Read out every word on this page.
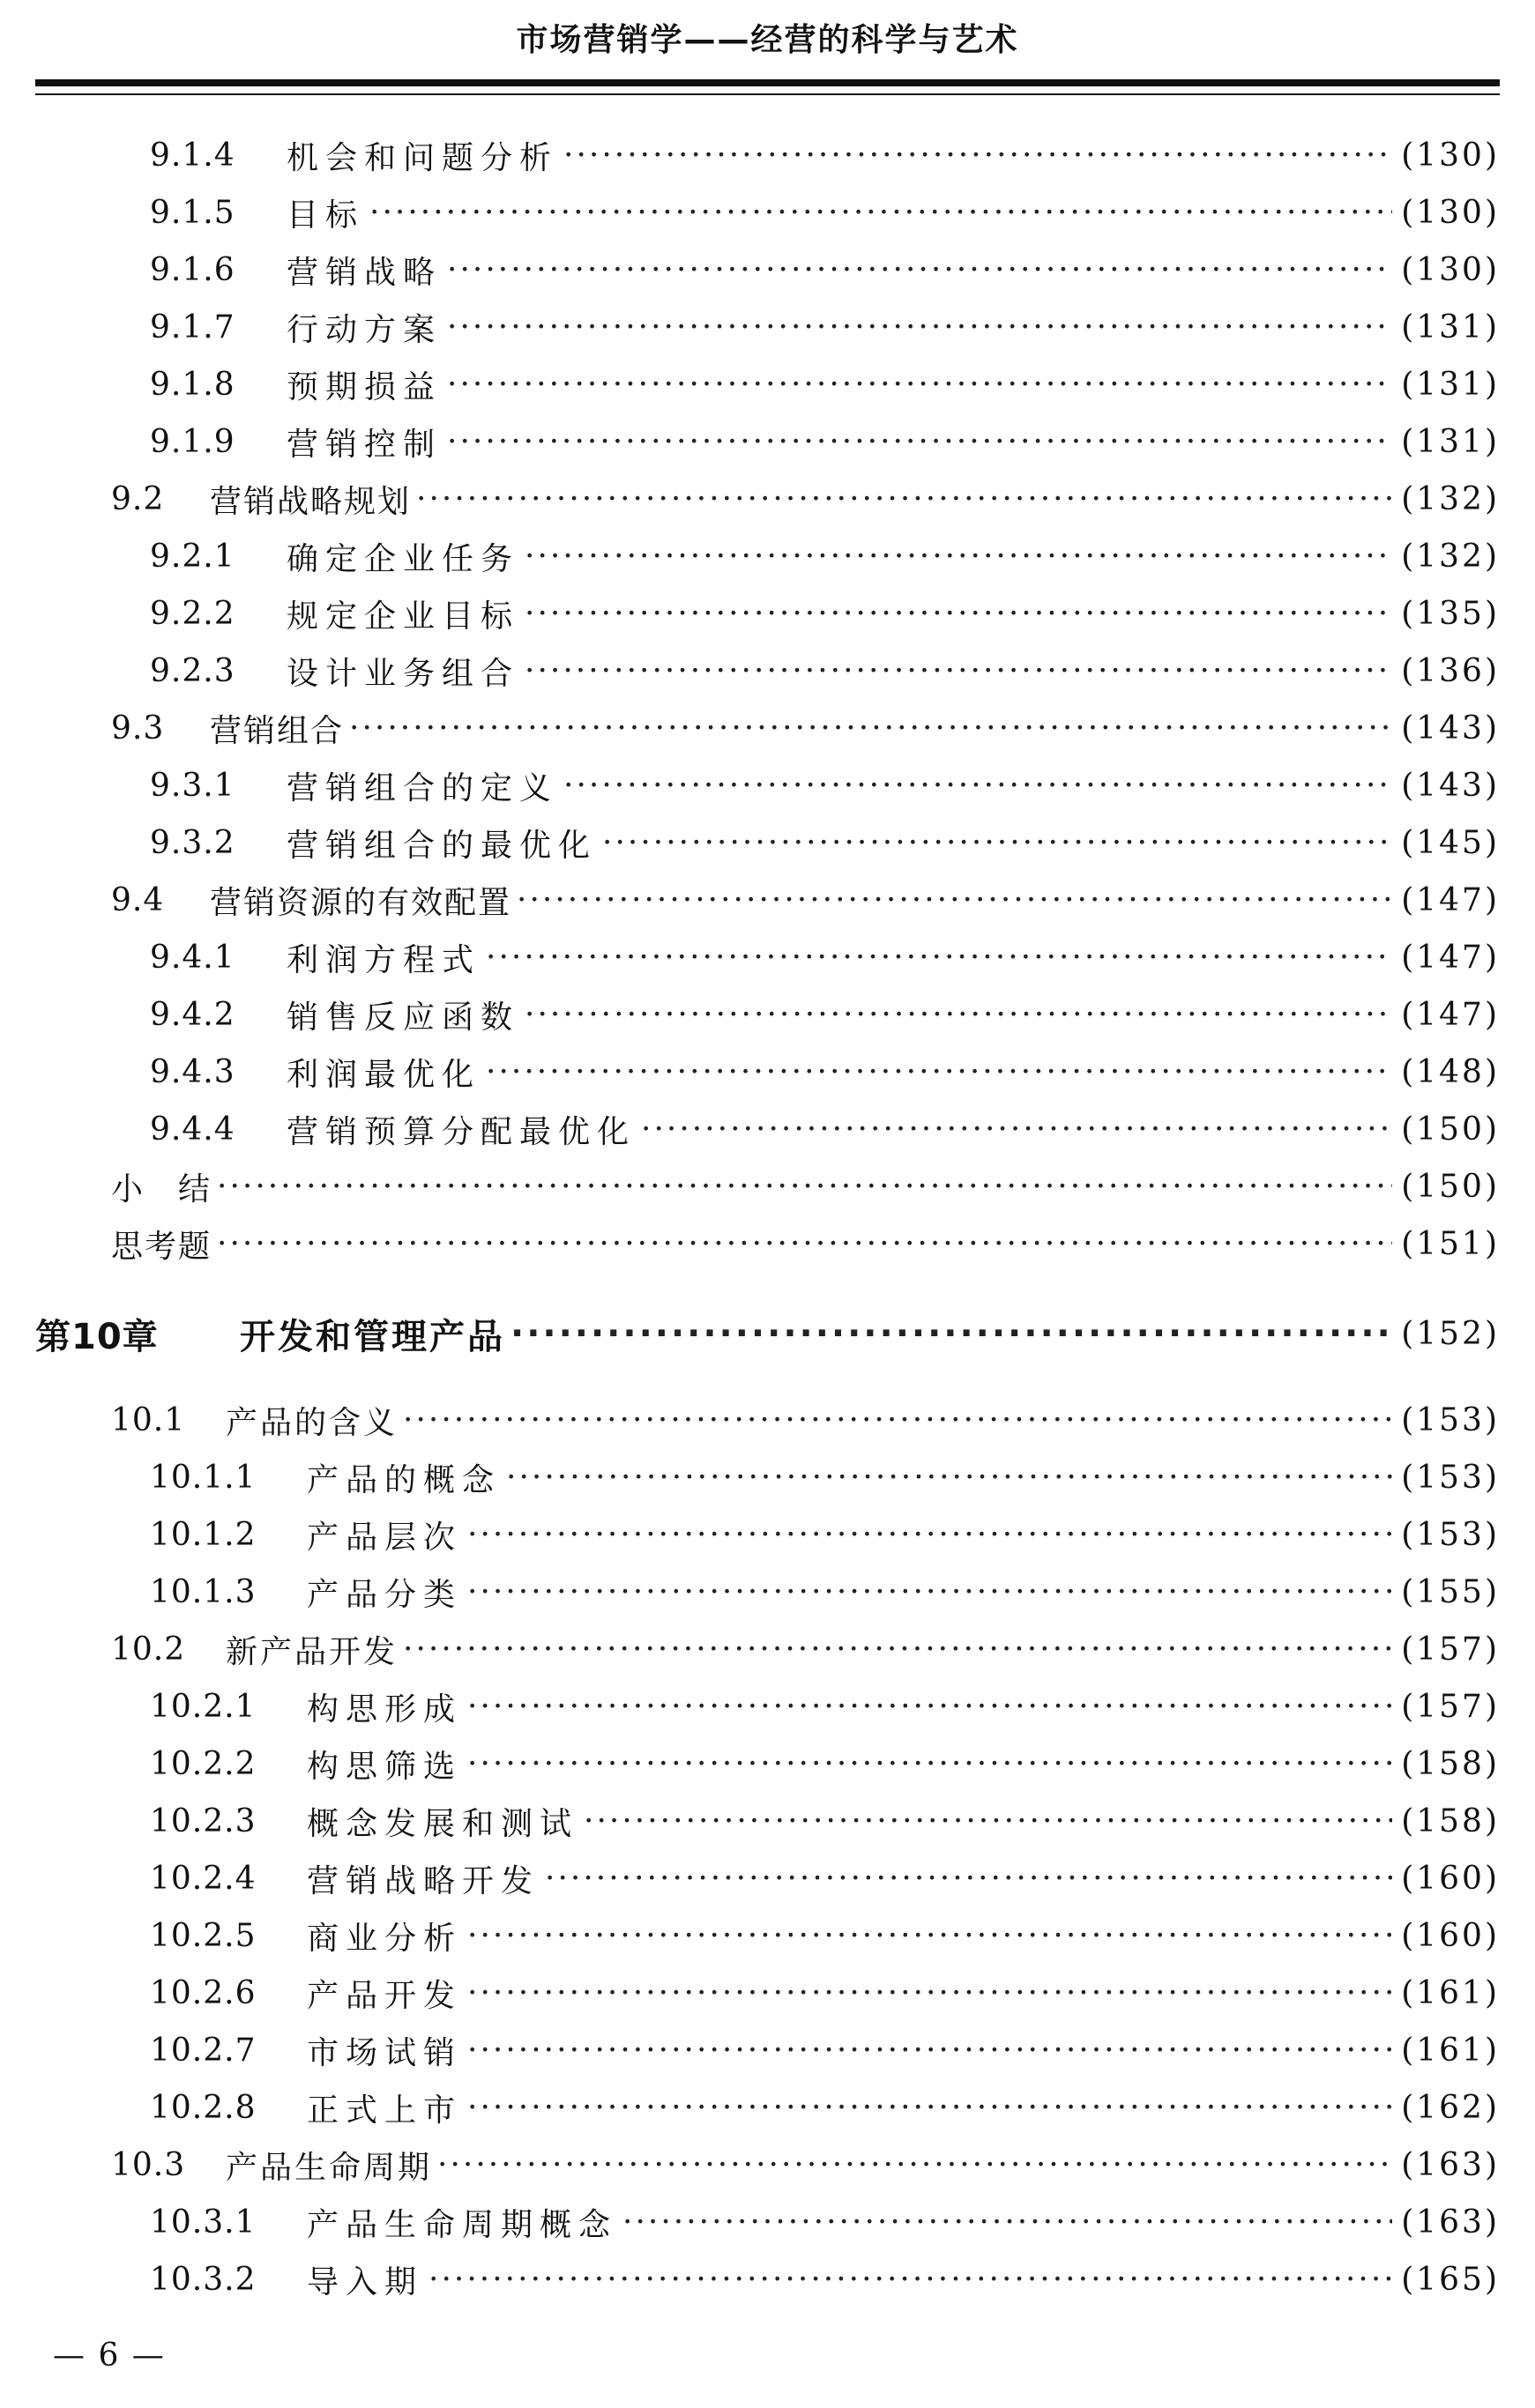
市场营销学——经营的科学与艺术
9.1.4	机会和问题分析 ·····	(130)
9.1.5	目标 ·····	(130)
9.1.6	营销战略 ·····	(130)
9.1.7	行动方案 ·····	(131)
9.1.8	预期损益 ·····	(131)
9.1.9	营销控制 ·····	(131)
9.2	营销战略规划 ·····	(132)
9.2.1	确定企业任务 ·····	(132)
9.2.2	规定企业目标 ·····	(135)
9.2.3	设计业务组合 ·····	(136)
9.3	营销组合 ·····	(143)
9.3.1	营销组合的定义 ·····	(143)
9.3.2	营销组合的最优化 ·····	(145)
9.4	营销资源的有效配置 ·····	(147)
9.4.1	利润方程式 ·····	(147)
9.4.2	销售反应函数 ·····	(147)
9.4.3	利润最优化 ·····	(148)
9.4.4	营销预算分配最优化 ·····	(150)
小　结 ·····	(150)
思考题 ·····	(151)
第10章	开发和管理产品 ·····	(152)
10.1	产品的含义 ·····	(153)
10.1.1	产品的概念 ·····	(153)
10.1.2	产品层次 ·····	(153)
10.1.3	产品分类 ·····	(155)
10.2	新产品开发 ·····	(157)
10.2.1	构思形成 ·····	(157)
10.2.2	构思筛选 ·····	(158)
10.2.3	概念发展和测试 ·····	(158)
10.2.4	营销战略开发 ·····	(160)
10.2.5	商业分析 ·····	(160)
10.2.6	产品开发 ·····	(161)
10.2.7	市场试销 ·····	(161)
10.2.8	正式上市 ·····	(162)
10.3	产品生命周期 ·····	(163)
10.3.1	产品生命周期概念 ·····	(163)
10.3.2	导入期 ·····	(165)
— 6 —
